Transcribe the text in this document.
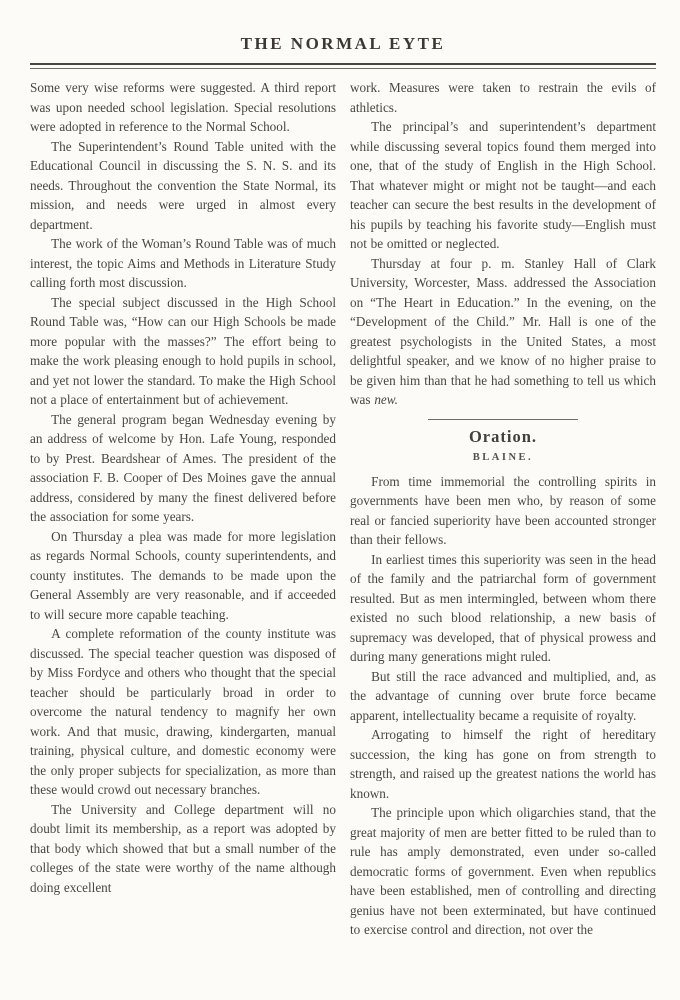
THE NORMAL EYTE

Some very wise reforms were suggested. A third report was upon needed school legislation. Special resolutions were adopted in reference to the Normal School.

The Superintendent’s Round Table united with the Educational Council in discussing the S. N. S. and its needs. Throughout the convention the State Normal, its mission, and needs were urged in almost every department.

The work of the Woman’s Round Table was of much interest, the topic Aims and Methods in Literature Study calling forth most discussion.

The special subject discussed in the High School Round Table was, “How can our High Schools be made more popular with the masses?” The effort being to make the work pleasing enough to hold pupils in school, and yet not lower the standard. To make the High School not a place of entertainment but of achievement.

The general program began Wednesday evening by an address of welcome by Hon. Lafe Young, responded to by Prest. Beardshear of Ames. The president of the association F. B. Cooper of Des Moines gave the annual address, considered by many the finest delivered before the association for some years.

On Thursday a plea was made for more legislation as regards Normal Schools, county superintendents, and county institutes. The demands to be made upon the General Assembly are very reasonable, and if acceeded to will secure more capable teaching.

A complete reformation of the county institute was discussed. The special teacher question was disposed of by Miss Fordyce and others who thought that the special teacher should be particularly broad in order to overcome the natural tendency to magnify her own work. And that music, drawing, kindergarten, manual training, physical culture, and domestic economy were the only proper subjects for specialization, as more than these would crowd out necessary branches.

The University and College department will no doubt limit its membership, as a report was adopted by that body which showed that but a small number of the colleges of the state were worthy of the name although doing excellent

work. Measures were taken to restrain the evils of athletics.

The principal’s and superintendent’s department while discussing several topics found them merged into one, that of the study of English in the High School. That whatever might or might not be taught—and each teacher can secure the best results in the development of his pupils by teaching his favorite study—English must not be omitted or neglected.

Thursday at four p. m. Stanley Hall of Clark University, Worcester, Mass. addressed the Association on “The Heart in Education.” In the evening, on the “Development of the Child.” Mr. Hall is one of the greatest psychologists in the United States, a most delightful speaker, and we know of no higher praise to be given him than that he had something to tell us which was new.

Oration.
BLAINE.

From time immemorial the controlling spirits in governments have been men who, by reason of some real or fancied superiority have been accounted stronger than their fellows.

In earliest times this superiority was seen in the head of the family and the patriarchal form of government resulted. But as men intermingled, between whom there existed no such blood relationship, a new basis of supremacy was developed, that of physical prowess and during many generations might ruled.

But still the race advanced and multiplied, and, as the advantage of cunning over brute force became apparent, intellectuality became a requisite of royalty.

Arrogating to himself the right of hereditary succession, the king has gone on from strength to strength, and raised up the greatest nations the world has known.

The principle upon which oligarchies stand, that the great majority of men are better fitted to be ruled than to rule has amply demonstrated, even under so-called democratic forms of government. Even when republics have been established, men of controlling and directing genius have not been exterminated, but have continued to exercise control and direction, not over the
